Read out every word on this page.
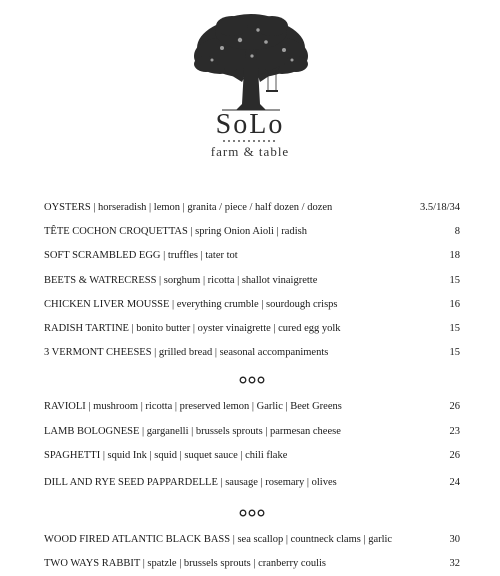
SoLo
farm & table
OYSTERS | horseradish | lemon | granita / piece / half dozen / dozen	3.5/18/34
TÊTE COCHON CROQUETTAS | spring Onion Aioli | radish	8
SOFT SCRAMBLED EGG | truffles | tater tot	18
BEETS & WATRECRESS | sorghum | ricotta | shallot vinaigrette	15
CHICKEN LIVER MOUSSE | everything crumble | sourdough crisps	16
RADISH TARTINE | bonito butter | oyster vinaigrette | cured egg yolk	15
3 VERMONT CHEESES | grilled bread | seasonal accompaniments	15
RAVIOLI | mushroom | ricotta | preserved lemon | Garlic | Beet Greens	26
LAMB BOLOGNESE | garganelli | brussels sprouts | parmesan cheese	23
SPAGHETTI | squid Ink | squid | suquet sauce | chili flake	26
DILL AND RYE SEED PAPPARDELLE | sausage | rosemary | olives	24
WOOD FIRED ATLANTIC BLACK BASS | sea scallop | countneck clams | garlic	30
TWO WAYS RABBIT | spatzle | brussels sprouts | cranberry coulis	32
